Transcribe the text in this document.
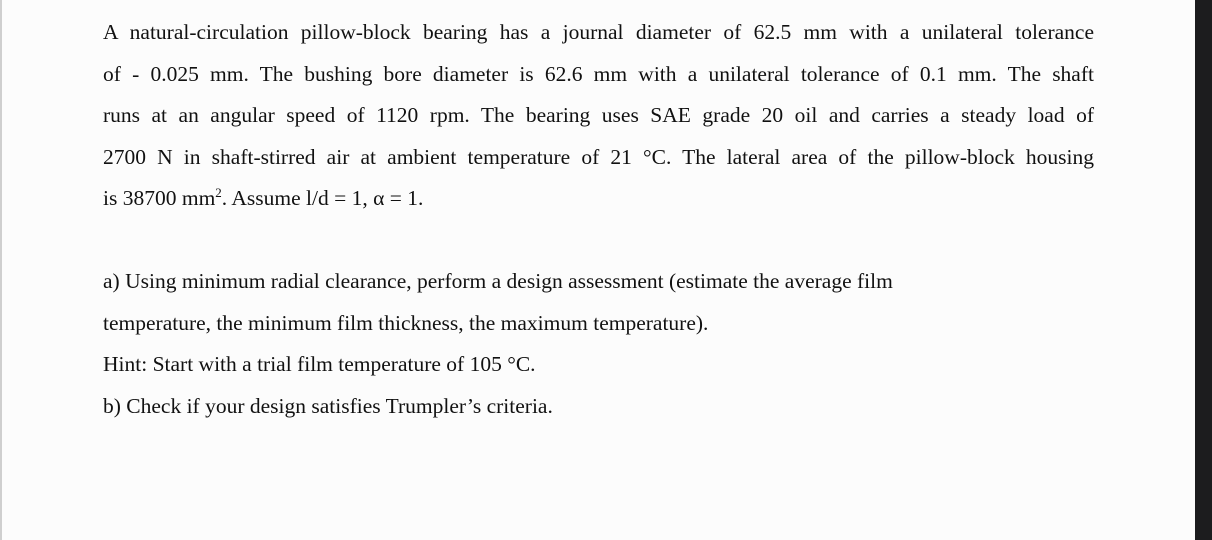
A natural-circulation pillow-block bearing has a journal diameter of 62.5 mm with a unilateral tolerance
of - 0.025 mm. The bushing bore diameter is 62.6 mm with a unilateral tolerance of 0.1 mm. The shaft
runs at an angular speed of 1120 rpm. The bearing uses SAE grade 20 oil and carries a steady load of
2700 N in shaft-stirred air at ambient temperature of 21 °C. The lateral area of the pillow-block housing
is 38700 $mm^2$. Assume l/d = 1, α = 1.
a) Using minimum radial clearance, perform a design assessment (estimate the average film
temperature, the minimum film thickness, the maximum temperature).
Hint: Start with a trial film temperature of 105 °C.
b) Check if your design satisfies Trumpler’s criteria.
